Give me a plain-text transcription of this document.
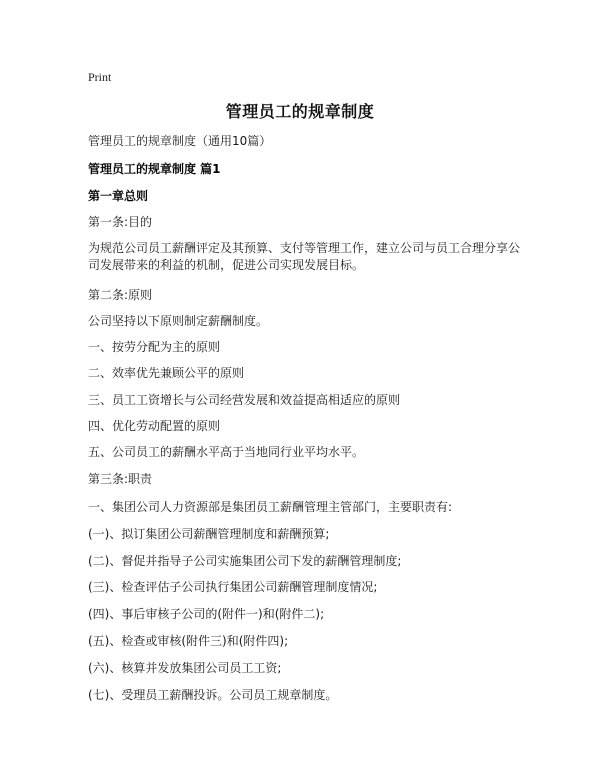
Print
管理员工的规章制度
管理员工的规章制度（通用10篇）
管理员工的规章制度 篇1
第一章总则
第一条:目的
为规范公司员工薪酬评定及其预算、支付等管理工作，建立公司与员工合理分享公司发展带来的利益的机制，促进公司实现发展目标。
第二条:原则
公司坚持以下原则制定薪酬制度。
一、按劳分配为主的原则
二、效率优先兼顾公平的原则
三、员工工资增长与公司经营发展和效益提高相适应的原则
四、优化劳动配置的原则
五、公司员工的薪酬水平高于当地同行业平均水平。
第三条:职责
一、集团公司人力资源部是集团员工薪酬管理主管部门，主要职责有:
(一)、拟订集团公司薪酬管理制度和薪酬预算;
(二)、督促并指导子公司实施集团公司下发的薪酬管理制度;
(三)、检查评估子公司执行集团公司薪酬管理制度情况;
(四)、事后审核子公司的(附件一)和(附件二);
(五)、检查或审核(附件三)和(附件四);
(六)、核算并发放集团公司员工工资;
(七)、受理员工薪酬投诉。公司员工规章制度。
